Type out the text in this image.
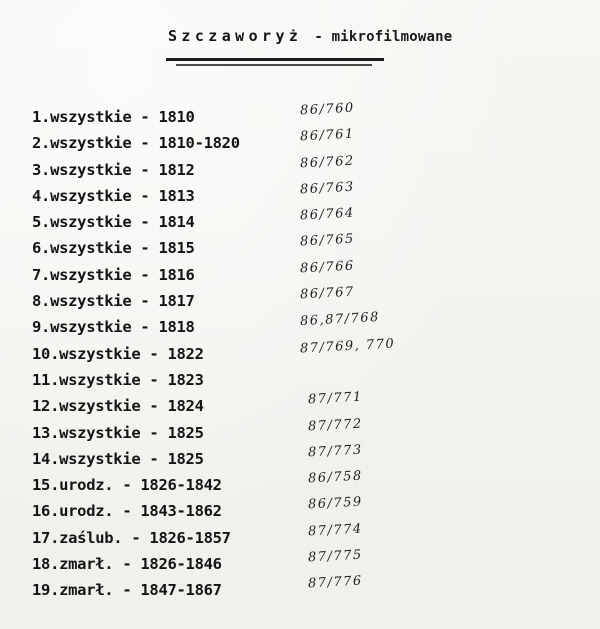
Szczaworyż - mikrofilmowane
1.wszystkie - 1810	86/760
2.wszystkie - 1810-1820	86/761
3.wszystkie - 1812	86/762
4.wszystkie - 1813	86/763
5.wszystkie - 1814	86/764
6.wszystkie - 1815	86/765
7.wszystkie - 1816	86/766
8.wszystkie - 1817	86/767
9.wszystkie - 1818	86,87/768
10.wszystkie - 1822	87/769, 770
11.wszystkie - 1823
12.wszystkie - 1824	87/771
13.wszystkie - 1825	87/772
14.wszystkie - 1825	87/773
15.urodz. - 1826-1842	86/758
16.urodz. - 1843-1862	86/759
17.zaślub. - 1826-1857	87/774
18.zmarł. - 1826-1846	87/775
19.zmarł. - 1847-1867	87/776
